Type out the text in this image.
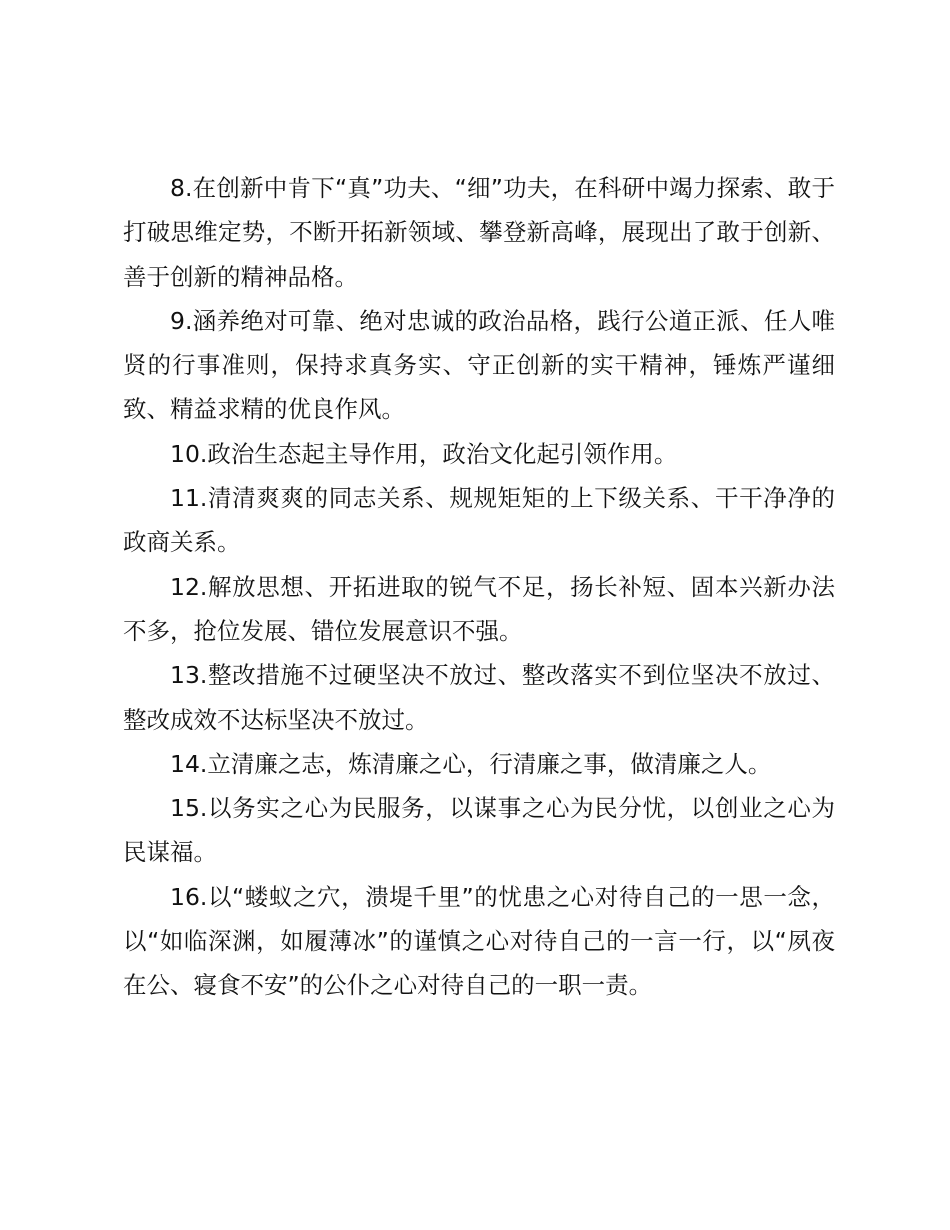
8.在创新中肯下“真”功夫、“细”功夫，在科研中竭力探索、敢于打破思维定势，不断开拓新领域、攀登新高峰，展现出了敢于创新、善于创新的精神品格。

9.涵养绝对可靠、绝对忠诚的政治品格，践行公道正派、任人唯贤的行事准则，保持求真务实、守正创新的实干精神，锤炼严谨细致、精益求精的优良作风。

10.政治生态起主导作用，政治文化起引领作用。

11.清清爽爽的同志关系、规规矩矩的上下级关系、干干净净的政商关系。

12.解放思想、开拓进取的锐气不足，扬长补短、固本兴新办法不多，抢位发展、错位发展意识不强。

13.整改措施不过硬坚决不放过、整改落实不到位坚决不放过、整改成效不达标坚决不放过。

14.立清廉之志，炼清廉之心，行清廉之事，做清廉之人。

15.以务实之心为民服务，以谋事之心为民分忧，以创业之心为民谋福。

16.以“蝼蚁之穴，溃堤千里”的忧患之心对待自己的一思一念，以“如临深渊，如履薄冰”的谨慎之心对待自己的一言一行，以“夙夜在公、寝食不安”的公仆之心对待自己的一职一责。
